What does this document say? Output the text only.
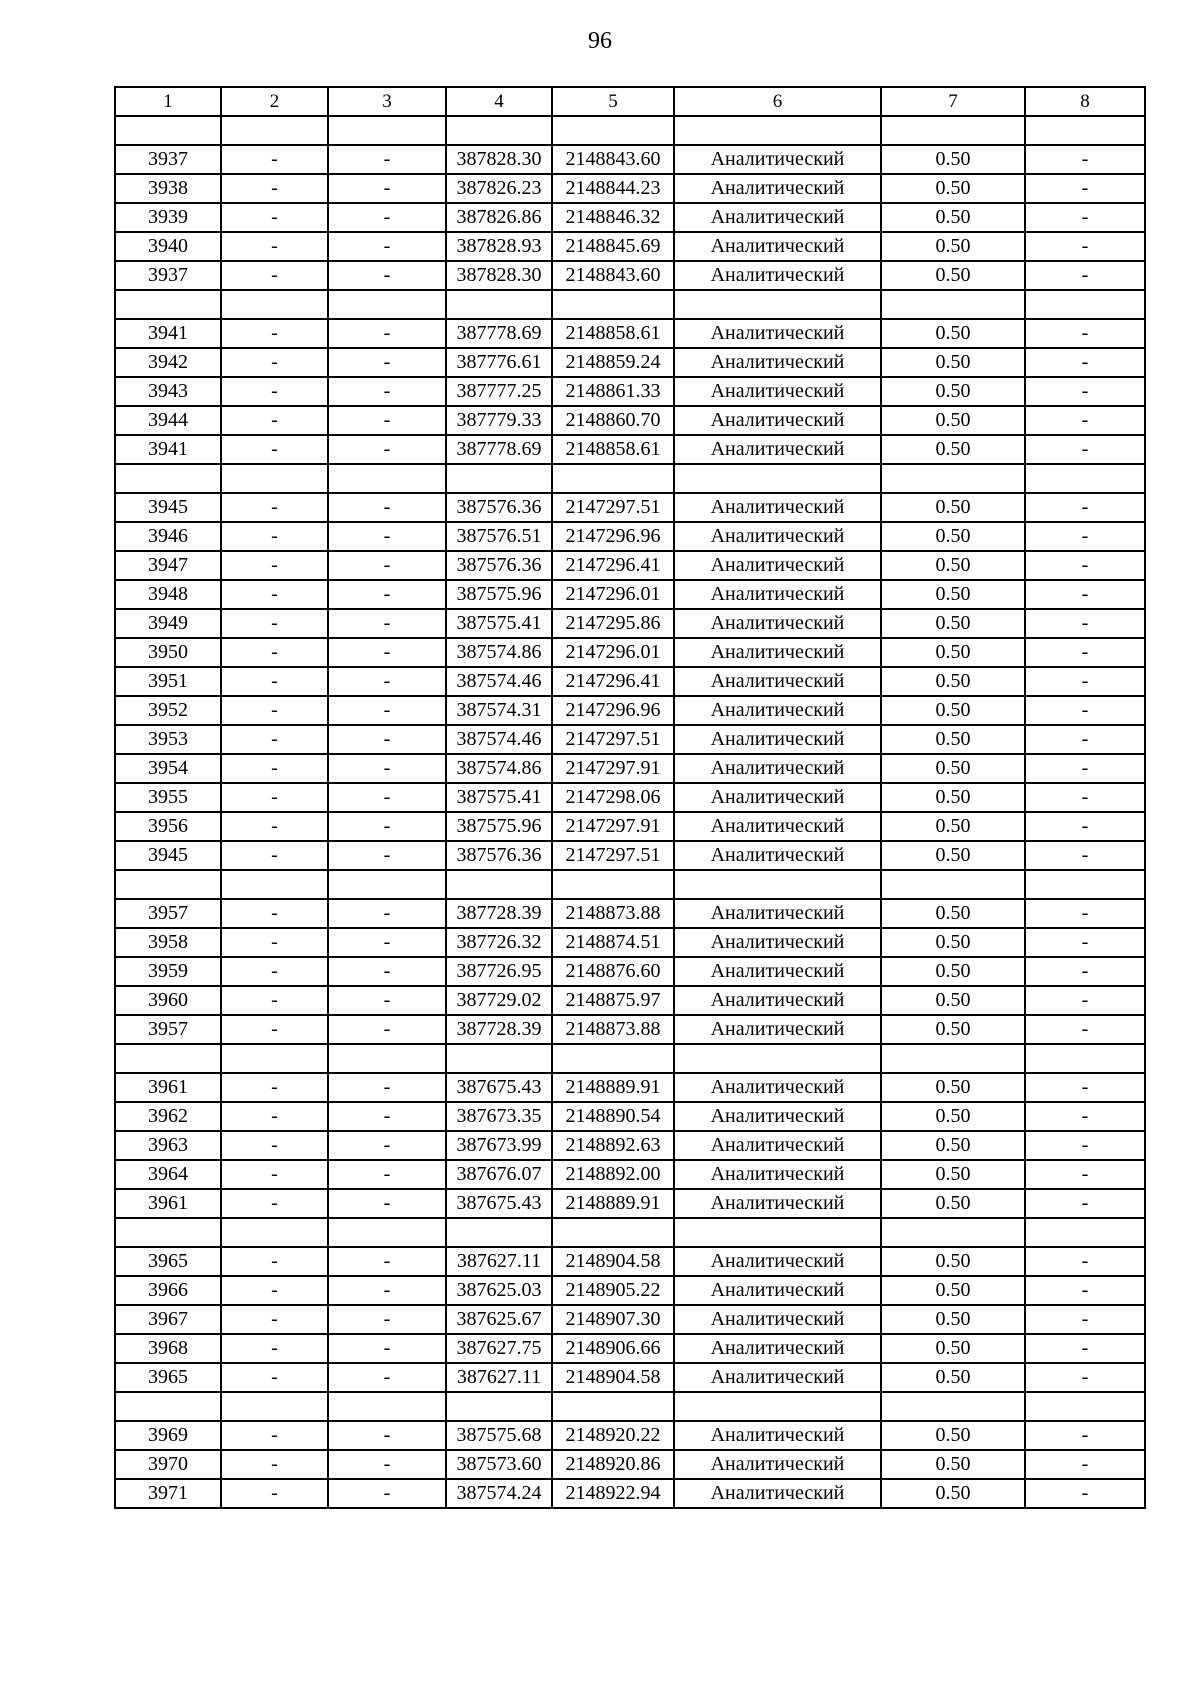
96
1	2	3	4	5	6	7	8

3937	-	-	387828.30	2148843.60	Аналитический	0.50	-
3938	-	-	387826.23	2148844.23	Аналитический	0.50	-
3939	-	-	387826.86	2148846.32	Аналитический	0.50	-
3940	-	-	387828.93	2148845.69	Аналитический	0.50	-
3937	-	-	387828.30	2148843.60	Аналитический	0.50	-

3941	-	-	387778.69	2148858.61	Аналитический	0.50	-
3942	-	-	387776.61	2148859.24	Аналитический	0.50	-
3943	-	-	387777.25	2148861.33	Аналитический	0.50	-
3944	-	-	387779.33	2148860.70	Аналитический	0.50	-
3941	-	-	387778.69	2148858.61	Аналитический	0.50	-

3945	-	-	387576.36	2147297.51	Аналитический	0.50	-
3946	-	-	387576.51	2147296.96	Аналитический	0.50	-
3947	-	-	387576.36	2147296.41	Аналитический	0.50	-
3948	-	-	387575.96	2147296.01	Аналитический	0.50	-
3949	-	-	387575.41	2147295.86	Аналитический	0.50	-
3950	-	-	387574.86	2147296.01	Аналитический	0.50	-
3951	-	-	387574.46	2147296.41	Аналитический	0.50	-
3952	-	-	387574.31	2147296.96	Аналитический	0.50	-
3953	-	-	387574.46	2147297.51	Аналитический	0.50	-
3954	-	-	387574.86	2147297.91	Аналитический	0.50	-
3955	-	-	387575.41	2147298.06	Аналитический	0.50	-
3956	-	-	387575.96	2147297.91	Аналитический	0.50	-
3945	-	-	387576.36	2147297.51	Аналитический	0.50	-

3957	-	-	387728.39	2148873.88	Аналитический	0.50	-
3958	-	-	387726.32	2148874.51	Аналитический	0.50	-
3959	-	-	387726.95	2148876.60	Аналитический	0.50	-
3960	-	-	387729.02	2148875.97	Аналитический	0.50	-
3957	-	-	387728.39	2148873.88	Аналитический	0.50	-

3961	-	-	387675.43	2148889.91	Аналитический	0.50	-
3962	-	-	387673.35	2148890.54	Аналитический	0.50	-
3963	-	-	387673.99	2148892.63	Аналитический	0.50	-
3964	-	-	387676.07	2148892.00	Аналитический	0.50	-
3961	-	-	387675.43	2148889.91	Аналитический	0.50	-

3965	-	-	387627.11	2148904.58	Аналитический	0.50	-
3966	-	-	387625.03	2148905.22	Аналитический	0.50	-
3967	-	-	387625.67	2148907.30	Аналитический	0.50	-
3968	-	-	387627.75	2148906.66	Аналитический	0.50	-
3965	-	-	387627.11	2148904.58	Аналитический	0.50	-

3969	-	-	387575.68	2148920.22	Аналитический	0.50	-
3970	-	-	387573.60	2148920.86	Аналитический	0.50	-
3971	-	-	387574.24	2148922.94	Аналитический	0.50	-
